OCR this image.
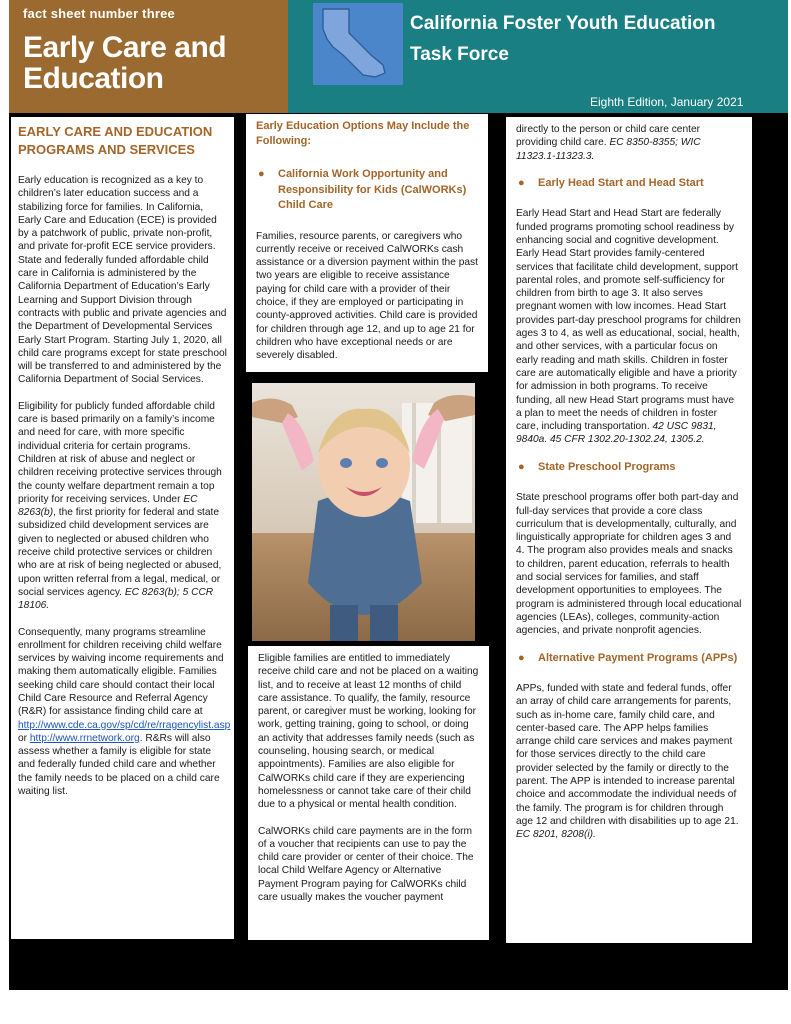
fact sheet number three
Early Care and Education
California Foster Youth Education
Task Force
Eighth Edition, January 2021
EARLY CARE AND EDUCATION PROGRAMS AND SERVICES

Early education is recognized as a key to children’s later education success and a stabilizing force for families. In California, Early Care and Education (ECE) is provided by a patchwork of public, private non-profit, and private for-profit ECE service providers. State and federally funded affordable child care in California is administered by the California Department of Education’s Early Learning and Support Division through contracts with public and private agencies and the Department of Developmental Services Early Start Program. Starting July 1, 2020, all child care programs except for state preschool will be transferred to and administered by the California Department of Social Services.

Eligibility for publicly funded affordable child care is based primarily on a family’s income and need for care, with more specific individual criteria for certain programs. Children at risk of abuse and neglect or children receiving protective services through the county welfare department remain a top priority for receiving services. Under EC 8263(b), the first priority for federal and state subsidized child development services are given to neglected or abused children who receive child protective services or children who are at risk of being neglected or abused, upon written referral from a legal, medical, or social services agency. EC 8263(b); 5 CCR 18106.

Consequently, many programs streamline enrollment for children receiving child welfare services by waiving income requirements and making them automatically eligible. Families seeking child care should contact their local Child Care Resource and Referral Agency (R&R) for assistance finding child care at http://www.cde.ca.gov/sp/cd/re/rragencylist.asp or http://www.rrnetwork.org. R&Rs will also assess whether a family is eligible for state and federally funded child care and whether the family needs to be placed on a child care waiting list.

Early Education Options May Include the Following:
●	California Work Opportunity and Responsibility for Kids (CalWORKs) Child Care

Families, resource parents, or caregivers who currently receive or received CalWORKs cash assistance or a diversion payment within the past two years are eligible to receive assistance paying for child care with a provider of their choice, if they are employed or participating in county-approved activities. Child care is provided for children through age 12, and up to age 21 for children who have exceptional needs or are severely disabled.

Eligible families are entitled to immediately receive child care and not be placed on a waiting list, and to receive at least 12 months of child care assistance. To qualify, the family, resource parent, or caregiver must be working, looking for work, getting training, going to school, or doing an activity that addresses family needs (such as counseling, housing search, or medical appointments). Families are also eligible for CalWORKs child care if they are experiencing homelessness or cannot take care of their child due to a physical or mental health condition.

CalWORKs child care payments are in the form of a voucher that recipients can use to pay the child care provider or center of their choice. The local Child Welfare Agency or Alternative Payment Program paying for CalWORKs child care usually makes the voucher payment

directly to the person or child care center providing child care. EC 8350-8355; WIC 11323.1-11323.3.

●	Early Head Start and Head Start

Early Head Start and Head Start are federally funded programs promoting school readiness by enhancing social and cognitive development. Early Head Start provides family-centered services that facilitate child development, support parental roles, and promote self-sufficiency for children from birth to age 3. It also serves pregnant women with low incomes. Head Start provides part-day preschool programs for children ages 3 to 4, as well as educational, social, health, and other services, with a particular focus on early reading and math skills. Children in foster care are automatically eligible and have a priority for admission in both programs. To receive funding, all new Head Start programs must have a plan to meet the needs of children in foster care, including transportation. 42 USC 9831, 9840a. 45 CFR 1302.20-1302.24, 1305.2.

●	State Preschool Programs

State preschool programs offer both part-day and full-day services that provide a core class curriculum that is developmentally, culturally, and linguistically appropriate for children ages 3 and 4. The program also provides meals and snacks to children, parent education, referrals to health and social services for families, and staff development opportunities to employees. The program is administered through local educational agencies (LEAs), colleges, community-action agencies, and private nonprofit agencies.

●	Alternative Payment Programs (APPs)

APPs, funded with state and federal funds, offer an array of child care arrangements for parents, such as in-home care, family child care, and center-based care. The APP helps families arrange child care services and makes payment for those services directly to the child care provider selected by the family or directly to the parent. The APP is intended to increase parental choice and accommodate the individual needs of the family. The program is for children through age 12 and children with disabilities up to age 21. EC 8201, 8208(i).
